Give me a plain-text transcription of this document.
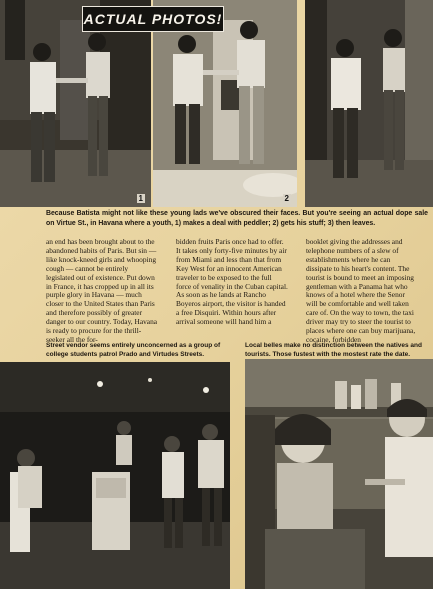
1	2
ACTUAL PHOTOS!

Because Batista might not like these young lads we've obscured their faces. But you're seeing an actual dope sale on Virtue St., in Havana where a youth, 1) makes a deal with peddler; 2) gets his stuff; 3) then leaves.

an end has been brought about to the abandoned habits of Paris. But sin — like knock-kneed girls and whooping cough — cannot be entirely legislated out of existence. Put down in France, it has cropped up in all its purple glory in Havana — much closer to the United States than Paris and therefore possibly of greater danger to our country. Today, Havana is ready to procure for the thrill-seeker all the for-

bidden fruits Paris once had to offer. It takes only forty-five minutes by air from Miami and less than that from Key West for an innocent American traveler to be exposed to the full force of venality in the Cuban capital. As soon as he lands at Rancho Boyeros airport, the visitor is handed a free Disquiri. Within hours after arrival someone will hand him a

booklet giving the addresses and telephone numbers of a slew of establishments where he can dissipate to his heart's content. The tourist is bound to meet an imposing gentleman with a Panama hat who knows of a hotel where the Senor will be comfortable and well taken care of. On the way to town, the taxi driver may try to steer the tourist to places where one can buy marijuana, cocaine, forbidden

Street vendor seems entirely unconcerned as a group of college students patrol Prado and Virtudes Streets.

Local belles make no distinction between the natives and tourists. Those fustest with the mostest rate the date.
